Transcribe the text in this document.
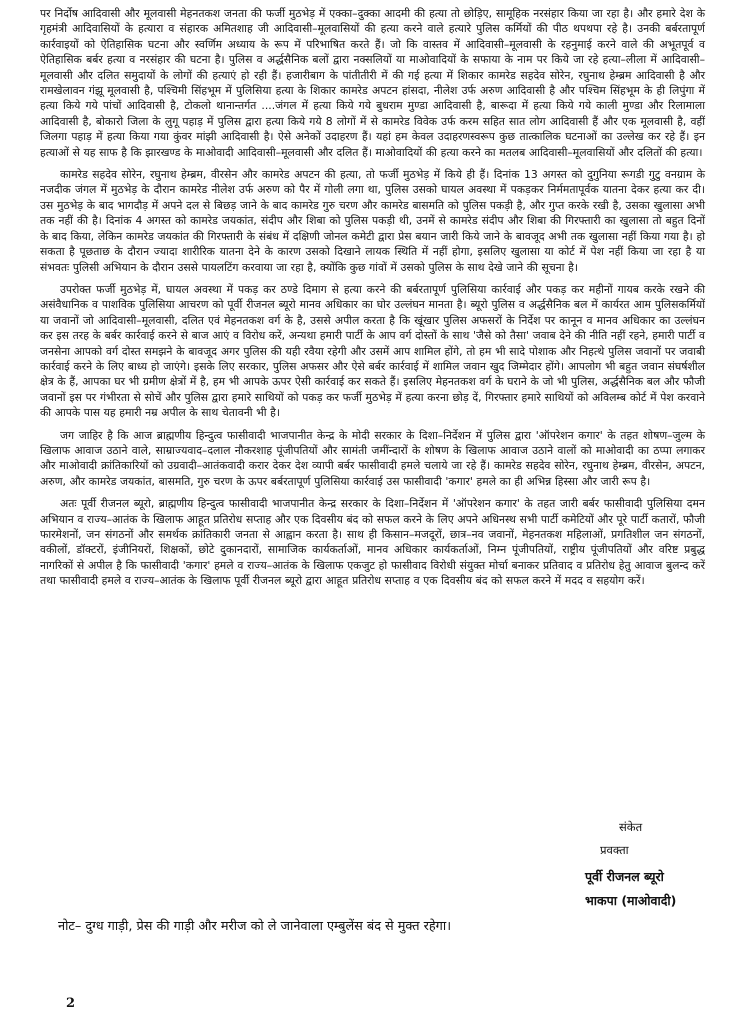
पर निर्दोष आदिवासी और मूलवासी मेहनतकश जनता की फर्जी मुठभेड़ में एक्का–दुक्का आदमी की हत्या तो छोड़िए, सामूहिक नरसंहार किया जा रहा है। और हमारे देश के गृहमंत्री आदिवासियों के हत्यारा व संहारक अमितशाह जी आदिवासी–मूलवासियों की हत्या करने वाले हत्यारे पुलिस कर्मियों की पीठ थपथपा रहे है। उनकी बर्बरतापूर्ण कार्रवाइयों को ऐतिहासिक घटना और स्वर्णिम अध्याय के रूप में परिभाषित करते हैं। जो कि वास्तव में आदिवासी–मूलवासी के रहनुमाई करने वाले की अभूतपूर्व व ऐतिहासिक बर्बर हत्या व नरसंहार की घटना है। पुलिस व अर्द्धसैनिक बलों द्वारा नक्सलियों या माओवादियों के सफाया के नाम पर किये जा रहे हत्या–लीला में आदिवासी–मूलवासी और दलित समुदायों के लोगों की हत्याएं हो रही हैं। हजारीबाग के पांतीतीरी में की गई हत्या में शिकार कामरेड सहदेव सोरेन, रघुनाथ हेम्ब्रम आदिवासी है और रामखेलावन गंझू मूलवासी है, पश्चिमी सिंहभूम में पुलिसिया हत्या के शिकार कामरेड अपटन हांसदा, नीलेश उर्फ अरुण आदिवासी है और पश्चिम सिंहभूम के ही लिपुंगा में हत्या किये गये पांचों आदिवासी है, टोकलो थानान्तर्गत ....जंगल में हत्या किये गये बुधराम मुण्डा आदिवासी है, बारूदा में हत्या किये गये काली मुण्डा और रिलामाला आदिवासी है, बोकारो जिला के लुगू पहाड़ में पुलिस द्वारा हत्या किये गये 8 लोगों में से कामरेड विवेक उर्फ करम सहित सात लोग आदिवासी हैं और एक मूलवासी है, वहीं जिलगा पहाड़ में हत्या किया गया कुंवर मांझी आदिवासी है। ऐसे अनेकों उदाहरण हैं। यहां हम केवल उदाहरणस्वरूप कुछ तात्कालिक घटनाओं का उल्लेख कर रहे हैं। इन हत्याओं से यह साफ है कि झारखण्ड के माओवादी आदिवासी–मूलवासी और दलित हैं। माओवादियों की हत्या करने का मतलब आदिवासी–मूलवासियों और दलितों की हत्या।

कामरेड सहदेव सोरेन, रघुनाथ हेम्ब्रम, वीरसेन और कामरेड अपटन की हत्या, तो फर्जी मुठभेड़ में किये ही हैं। दिनांक 13 अगस्त को दुगुनिया रूगडी गुटु वनग्राम के नजदीक जंगल में मुठभेड़ के दौरान कामरेड नीलेश उर्फ अरुण को पैर में गोली लगा था, पुलिस उसको घायल अवस्था में पकड़कर निर्ममतापूर्वक यातना देकर हत्या कर दी। उस मुठभेड़ के बाद भागदौड़ में अपने दल से बिछड़ जाने के बाद कामरेड गुरु चरण और कामरेड बासमति को पुलिस पकड़ी है, और गुप्त करके रखी है, उसका खुलासा अभी तक नहीं की है। दिनांक 4 अगस्त को कामरेड जयकांत, संदीप और शिबा को पुलिस पकड़ी थी, उनमें से कामरेड संदीप और शिबा की गिरफ्तारी का खुलासा तो बहुत दिनों के बाद किया, लेकिन कामरेड जयकांत की गिरफ्तारी के संबंध में दक्षिणी जोनल कमेटी द्वारा प्रेस बयान जारी किये जाने के बावजूद अभी तक खुलासा नहीं किया गया है। हो सकता है पूछताछ के दौरान ज्यादा शारीरिक यातना देने के कारण उसको दिखाने लायक स्थिति में नहीं होगा, इसलिए खुलासा या कोर्ट में पेश नहीं किया जा रहा है या संभवतः पुलिसी अभियान के दौरान उससे पायलटिंग करवाया जा रहा है, क्योंकि कुछ गांवों में उसको पुलिस के साथ देखे जाने की सूचना है।

उपरोक्त फर्जी मुठभेड़ में, घायल अवस्था में पकड़ कर ठण्डे दिमाग से हत्या करने की बर्बरतापूर्ण पुलिसिया कार्रवाई और पकड़ कर महीनों गायब करके रखने की असंवैधानिक व पाशविक पुलिसिया आचरण को पूर्वी रीजनल ब्यूरो मानव अधिकार का घोर उल्लंघन मानता है। ब्यूरो पुलिस व अर्द्धसैनिक बल में कार्यरत आम पुलिसकर्मियों या जवानों जो आदिवासी–मूलवासी, दलित एवं मेहनतकश वर्ग के है, उससे अपील करता है कि खूंखार पुलिस अफसरों के निर्देश पर कानून व मानव अधिकार का उल्लंघन कर इस तरह के बर्बर कार्रवाई करने से बाज आएं व विरोध करें, अन्यथा हमारी पार्टी के आप वर्ग दोस्तों के साथ 'जैसे को तैसा' जवाब देने की नीति नहीं रहने, हमारी पार्टी व जनसेना आपको वर्ग दोस्त समझने के बावजूद अगर पुलिस की यही रवैया रहेगी और उसमें आप शामिल होंगे, तो हम भी सादे पोशाक और निहत्थे पुलिस जवानों पर जवाबी कार्रवाई करने के लिए बाध्य हो जाएंगे। इसके लिए सरकार, पुलिस अफसर और ऐसे बर्बर कार्रवाई में शामिल जवान खुद जिम्मेदार होंगे। आपलोग भी बहुत जवान संघर्षशील क्षेत्र के हैं, आपका घर भी ग्रमीण क्षेत्रों में है, हम भी आपके ऊपर ऐसी कार्रवाई कर सकते हैं। इसलिए मेहनतकश वर्ग के घराने के जो भी पुलिस, अर्द्धसैनिक बल और फौजी जवानों इस पर गंभीरता से सोचें और पुलिस द्वारा हमारे साथियों को पकड़ कर फर्जी मुठभेड़ में हत्या करना छोड़ दें, गिरफ्तार हमारे साथियों को अविलम्ब कोर्ट में पेश करवाने की आपके पास यह हमारी नम्र अपील के साथ चेतावनी भी है।

जग जाहिर है कि आज ब्राह्मणीय हिन्दुत्व फासीवादी भाजपानीत केन्द्र के मोदी सरकार के दिशा–निर्देशन में पुलिस द्वारा 'ऑपरेशन कगार' के तहत शोषण–जुल्म के खिलाफ आवाज उठाने वाले, साम्राज्यवाद–दलाल नौकरशाह पूंजीपतियों और सामंती जमींन्दारों के शोषण के खिलाफ आवाज उठाने वालों को माओवादी का ठप्पा लगाकर और माओवादी क्रांतिकारियों को उग्रवादी–आतंकवादी करार देकर देश व्यापी बर्बर फासीवादी हमले चलाये जा रहे हैं। कामरेड सहदेव सोरेन, रघुनाथ हेम्ब्रम, वीरसेन, अपटन, अरुण, और कामरेड जयकांत, बासमति, गुरु चरण के ऊपर बर्बरतापूर्ण पुलिसिया कार्रवाई उस फासीवादी 'कगार' हमले का ही अभिन्न हिस्सा और जारी रूप है।

अतः पूर्वी रीजनल ब्यूरो, ब्राह्मणीय हिन्दुत्व फासीवादी भाजपानीत केन्द्र सरकार के दिशा–निर्देशन में 'ऑपरेशन कगार' के तहत जारी बर्बर फासीवादी पुलिसिया दमन अभियान व राज्य–आतंक के खिलाफ आहूत प्रतिरोध सप्ताह और एक दिवसीय बंद को सफल करने के लिए अपने अधिनस्थ सभी पार्टी कमेटियों और पूरे पार्टी कतारों, फौजी फारमेशनों, जन संगठनों और समर्थक क्रांतिकारी जनता से आह्वान करता है। साथ ही किसान–मजदूरों, छात्र–नव जवानों, मेहनतकश महिलाओं, प्रगतिशील जन संगठनों, वकीलों, डॉक्टरों, इंजीनियरों, शिक्षकों, छोटे दुकानदारों, सामाजिक कार्यकर्ताओं, मानव अधिकार कार्यकर्ताओं, निम्न पूंजीपतियों, राष्ट्रीय पूंजीपतियों और वरिष्ट प्रबुद्ध नागरिकों से अपील है कि फासीवादी 'कगार' हमले व राज्य–आतंक के खिलाफ एकजुट हो फासीवाद विरोधी संयुक्त मोर्चा बनाकर प्रतिवाद व प्रतिरोध हेतु आवाज बुलन्द करें तथा फासीवादी हमले व राज्य–आतंक के खिलाफ पूर्वी रीजनल ब्यूरो द्वारा आहूत प्रतिरोध सप्ताह व एक दिवसीय बंद को सफल करने में मदद व सहयोग करें।

संकेत
प्रवक्ता
पूर्वी रीजनल ब्यूरो
भाकपा (माओवादी)
नोट– दुग्ध गाड़ी, प्रेस की गाड़ी और मरीज को ले जानेवाला एम्बुलेंस बंद से मुक्त रहेगा।
2
